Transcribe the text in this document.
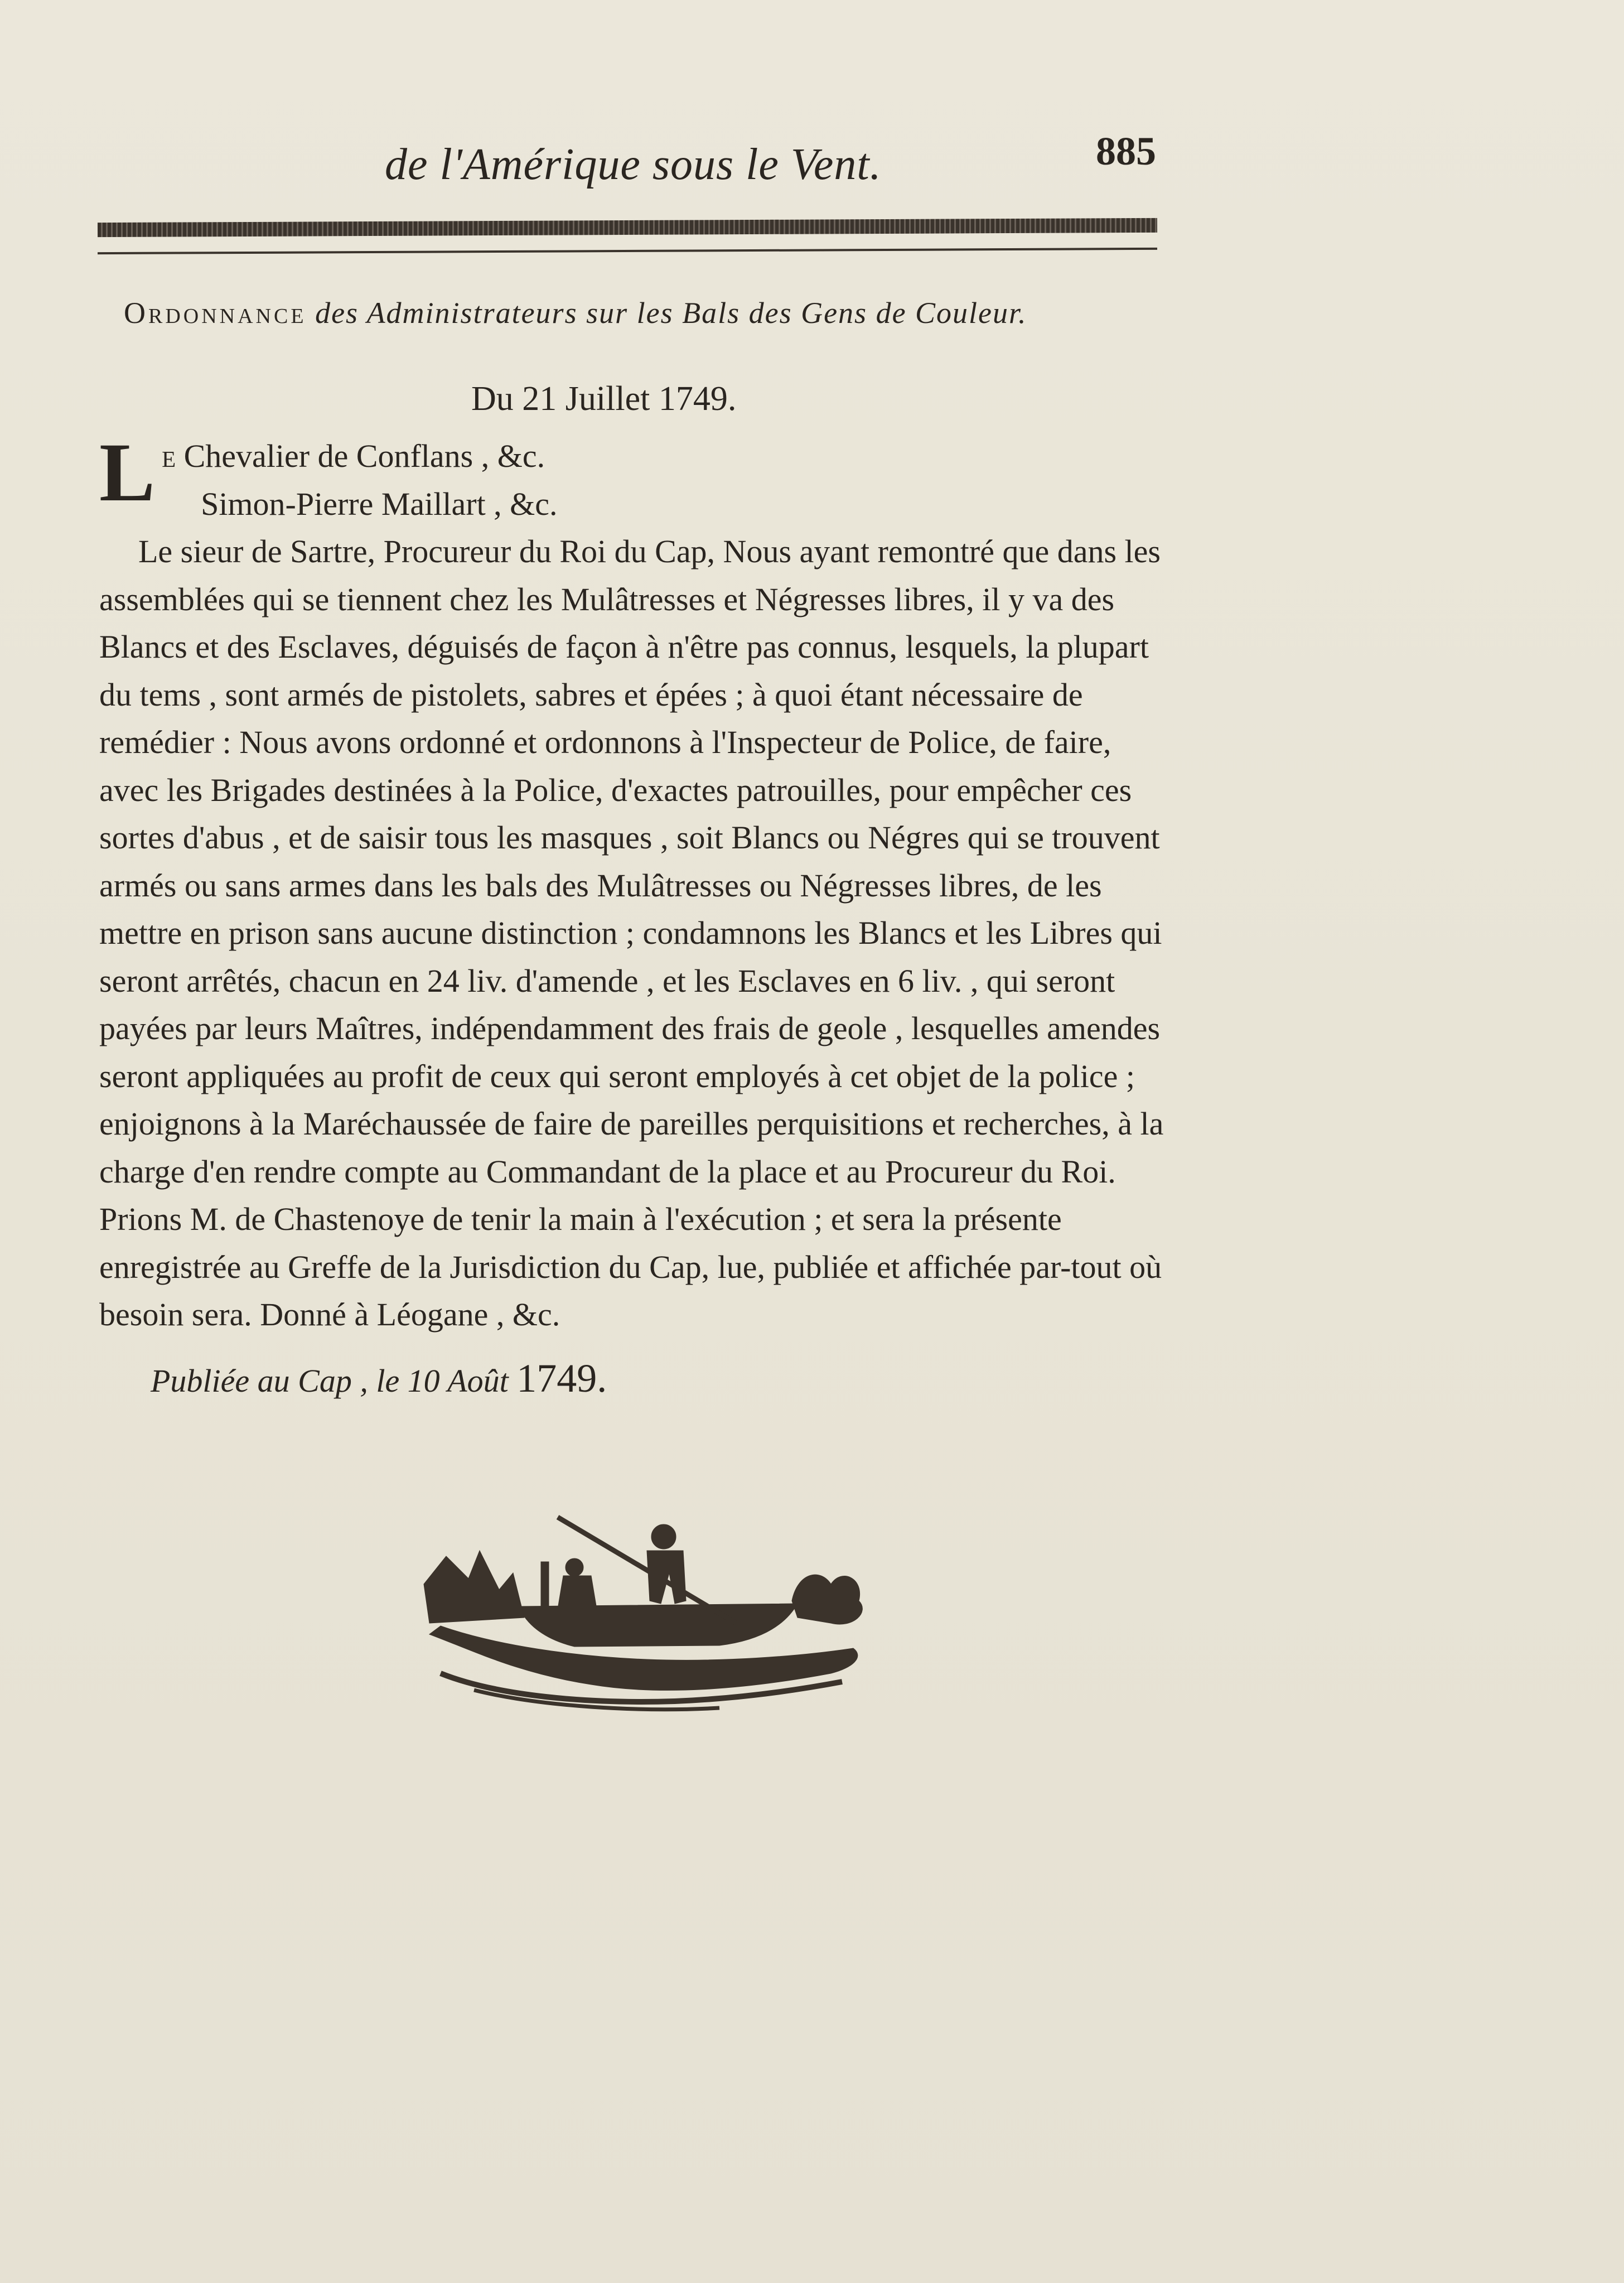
de l'Amérique sous le Vent.	885
Ordonnance des Administrateurs sur les Bals des Gens de Couleur.
Du 21 Juillet 1749.

L e Chevalier de Conflans , &c.

Simon-Pierre Maillart , &c.

Le sieur de Sartre, Procureur du Roi du Cap, Nous ayant remontré que dans les assemblées qui se tiennent chez les Mulâtresses et Négresses libres, il y va des Blancs et des Esclaves, déguisés de façon à n'être pas connus, lesquels, la plupart du tems , sont armés de pistolets, sabres et épées ; à quoi étant nécessaire de remédier : Nous avons ordonné et ordonnons à l'Inspecteur de Police, de faire, avec les Brigades destinées à la Police, d'exactes patrouilles, pour empêcher ces sortes d'abus , et de saisir tous les masques , soit Blancs ou Négres qui se trouvent armés ou sans armes dans les bals des Mulâtresses ou Négresses libres, de les mettre en prison sans aucune distinction ; condamnons les Blancs et les Libres qui seront arrêtés, chacun en 24 liv. d'amende , et les Esclaves en 6 liv. , qui seront payées par leurs Maîtres, indépendamment des frais de geole , lesquelles amendes seront appliquées au profit de ceux qui seront employés à cet objet de la police ; enjoignons à la Maréchaussée de faire de pareilles perquisitions et recherches, à la charge d'en rendre compte au Commandant de la place et au Procureur du Roi. Prions M. de Chastenoye de tenir la main à l'exécution ; et sera la présente enregistrée au Greffe de la Jurisdiction du Cap, lue, publiée et affichée par-tout où besoin sera. Donné à Léogane , &c.

Publiée au Cap , le 10 Août 1749.
